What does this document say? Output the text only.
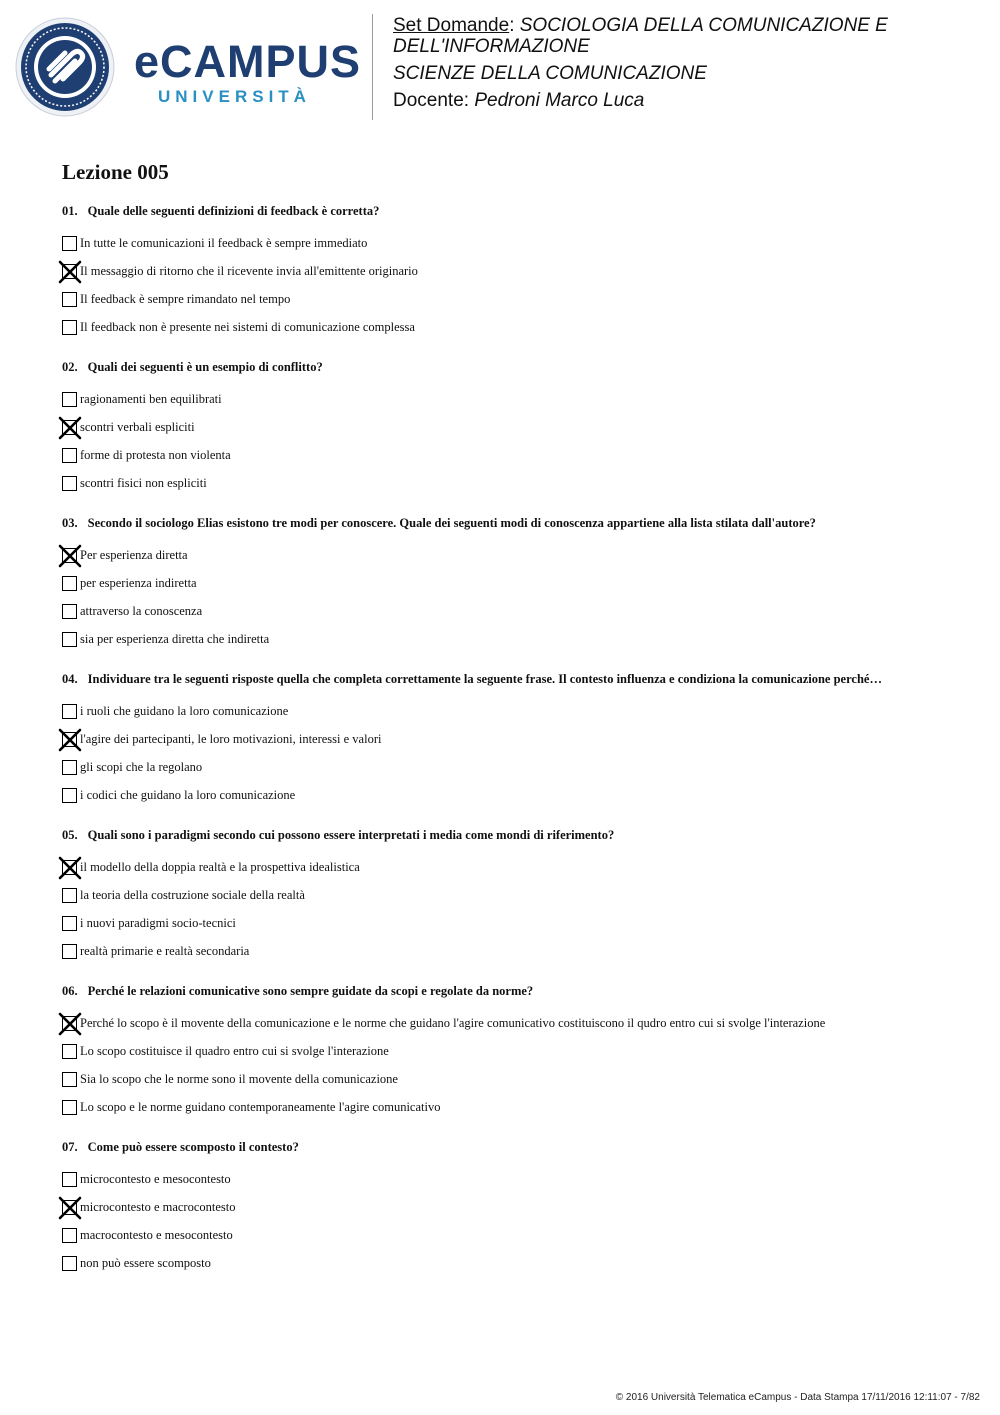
eCAMPUS
UNIVERSITÀ
Set Domande: SOCIOLOGIA DELLA COMUNICAZIONE E
DELL'INFORMAZIONE
SCIENZE DELLA COMUNICAZIONE
Docente: Pedroni Marco Luca
Lezione 005
01. Quale delle seguenti definizioni di feedback è corretta?
In tutte le comunicazioni il feedback è sempre immediato
Il messaggio di ritorno che il ricevente invia all'emittente originario
Il feedback è sempre rimandato nel tempo
Il feedback non è presente nei sistemi di comunicazione complessa
02. Quali dei seguenti è un esempio di conflitto?
ragionamenti ben equilibrati
scontri verbali espliciti
forme di protesta non violenta
scontri fisici non espliciti
03. Secondo il sociologo Elias esistono tre modi per conoscere. Quale dei seguenti modi di conoscenza appartiene alla lista stilata dall'autore?
Per esperienza diretta
per esperienza indiretta
attraverso la conoscenza
sia per esperienza diretta che indiretta
04. Individuare tra le seguenti risposte quella che completa correttamente la seguente frase. Il contesto influenza e condiziona la comunicazione perché…
i ruoli che guidano la loro comunicazione
l'agire dei partecipanti, le loro motivazioni, interessi e valori
gli scopi che la regolano
i codici che guidano la loro comunicazione
05. Quali sono i paradigmi secondo cui possono essere interpretati i media come mondi di riferimento?
il modello della doppia realtà e la prospettiva idealistica
la teoria della costruzione sociale della realtà
i nuovi paradigmi socio-tecnici
realtà primarie e realtà secondaria
06. Perché le relazioni comunicative sono sempre guidate da scopi e regolate da norme?
Perché lo scopo è il movente della comunicazione e le norme che guidano l'agire comunicativo costituiscono il qudro entro cui si svolge l'interazione
Lo scopo costituisce il quadro entro cui si svolge l'interazione
Sia lo scopo che le norme sono il movente della comunicazione
Lo scopo e le norme guidano contemporaneamente l'agire comunicativo
07. Come può essere scomposto il contesto?
microcontesto e mesocontesto
microcontesto e macrocontesto
macrocontesto e mesocontesto
non può essere scomposto
© 2016 Università Telematica eCampus - Data Stampa 17/11/2016 12:11:07 - 7/82
